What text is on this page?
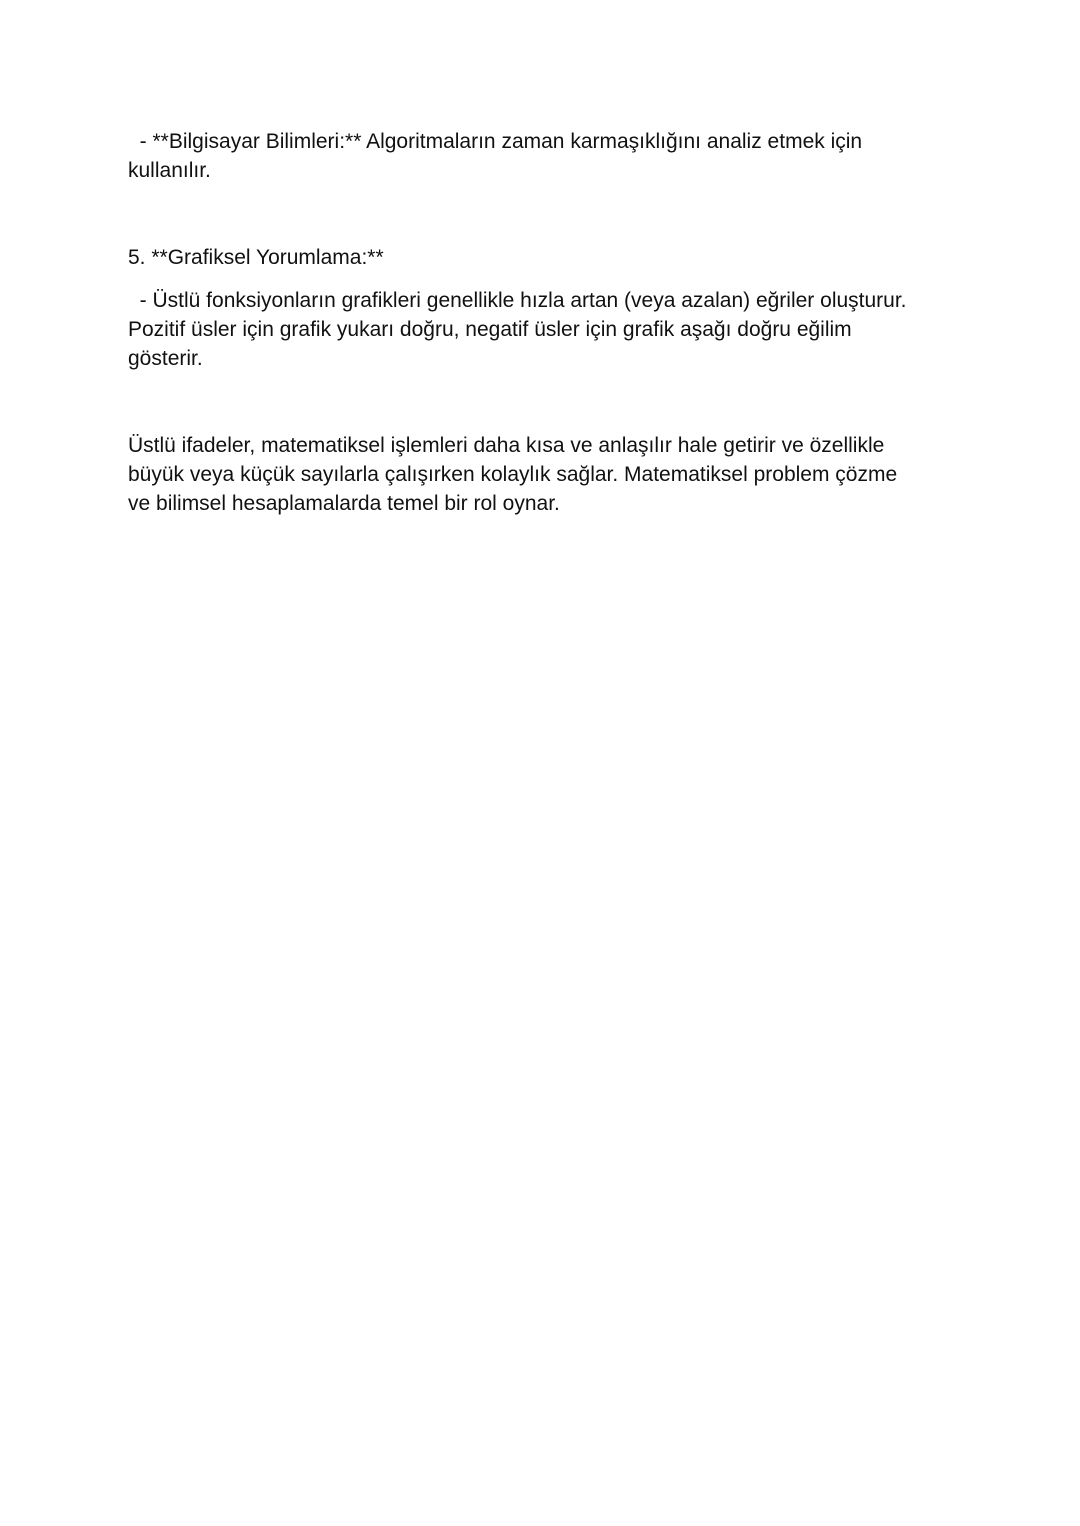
- **Bilgisayar Bilimleri:** Algoritmaların zaman karmaşıklığını analiz etmek için
kullanılır.
5. **Grafiksel Yorumlama:**
- Üstlü fonksiyonların grafikleri genellikle hızla artan (veya azalan) eğriler oluşturur.
Pozitif üsler için grafik yukarı doğru, negatif üsler için grafik aşağı doğru eğilim
gösterir.
Üstlü ifadeler, matematiksel işlemleri daha kısa ve anlaşılır hale getirir ve özellikle
büyük veya küçük sayılarla çalışırken kolaylık sağlar. Matematiksel problem çözme
ve bilimsel hesaplamalarda temel bir rol oynar.
